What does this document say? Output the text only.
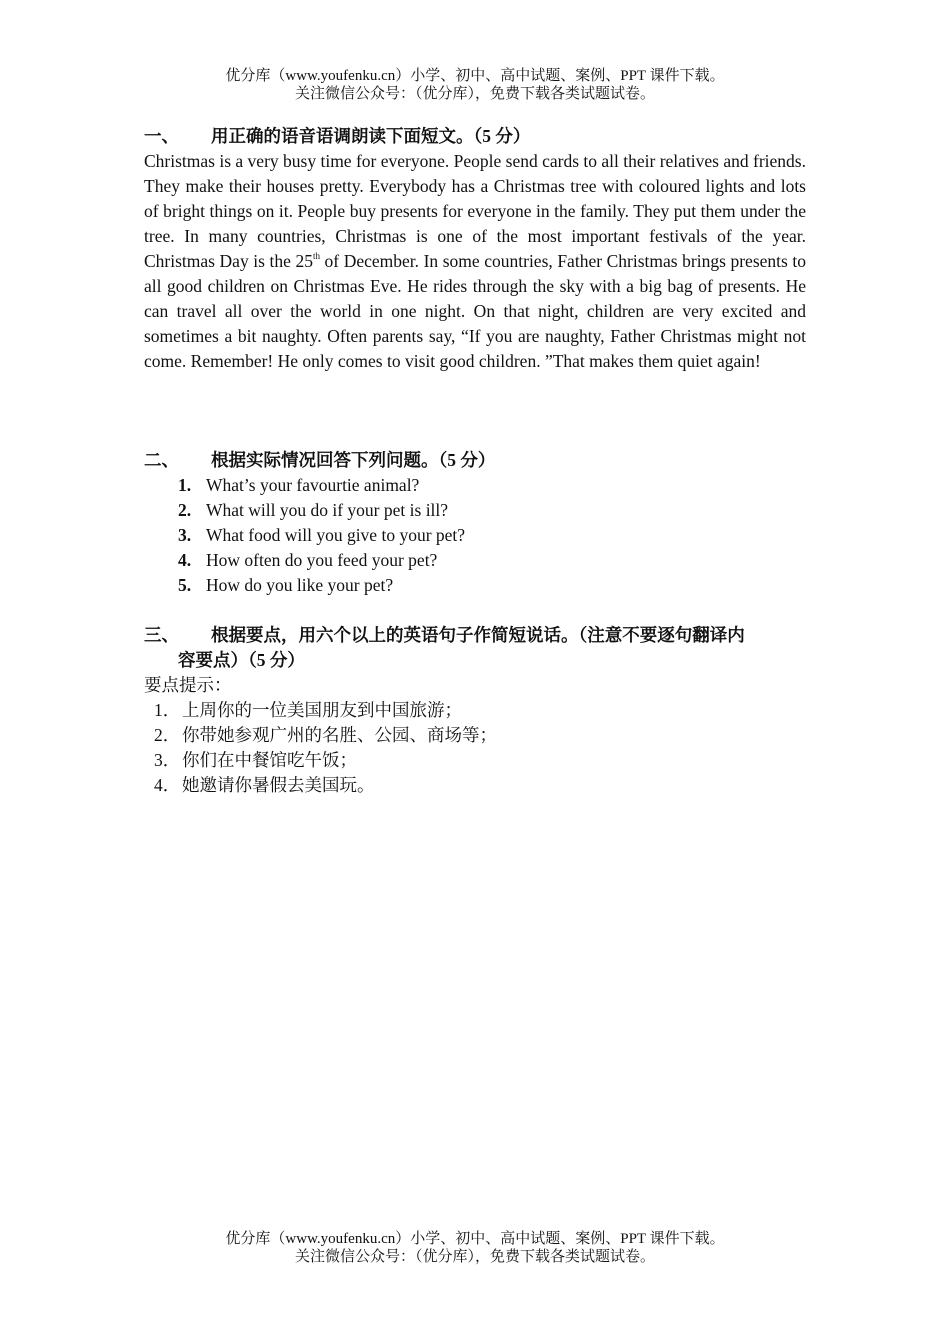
优分库（www.youfenku.cn）小学、初中、高中试题、案例、PPT 课件下载。
关注微信公众号：（优分库），免费下载各类试题试卷。
一、 用正确的语音语调朗读下面短文。（5 分）

Christmas is a very busy time for everyone. People send cards to all their relatives and friends. They make their houses pretty. Everybody has a Christmas tree with coloured lights and lots of bright things on it. People buy presents for everyone in the family. They put them under the tree. In many countries, Christmas is one of the most important festivals of the year. Christmas Day is the 25th of December. In some countries, Father Christmas brings presents to all good children on Christmas Eve. He rides through the sky with a big bag of presents. He can travel all over the world in one night. On that night, children are very excited and sometimes a bit naughty. Often parents say, “If you are naughty, Father Christmas might not come. Remember! He only comes to visit good children. ”That makes them quiet again!

二、 根据实际情况回答下列问题。（5 分）
1. What’s your favourtie animal?
2. What will you do if your pet is ill?
3. What food will you give to your pet?
4. How often do you feed your pet?
5. How do you like your pet?
三、 根据要点，用六个以上的英语句子作简短说话。（注意不要逐句翻译内
容要点）（5 分）
要点提示：
1． 上周你的一位美国朋友到中国旅游；
2． 你带她参观广州的名胜、公园、商场等；
3． 你们在中餐馆吃午饭；
4． 她邀请你暑假去美国玩。
优分库（www.youfenku.cn）小学、初中、高中试题、案例、PPT 课件下载。
关注微信公众号：（优分库），免费下载各类试题试卷。
